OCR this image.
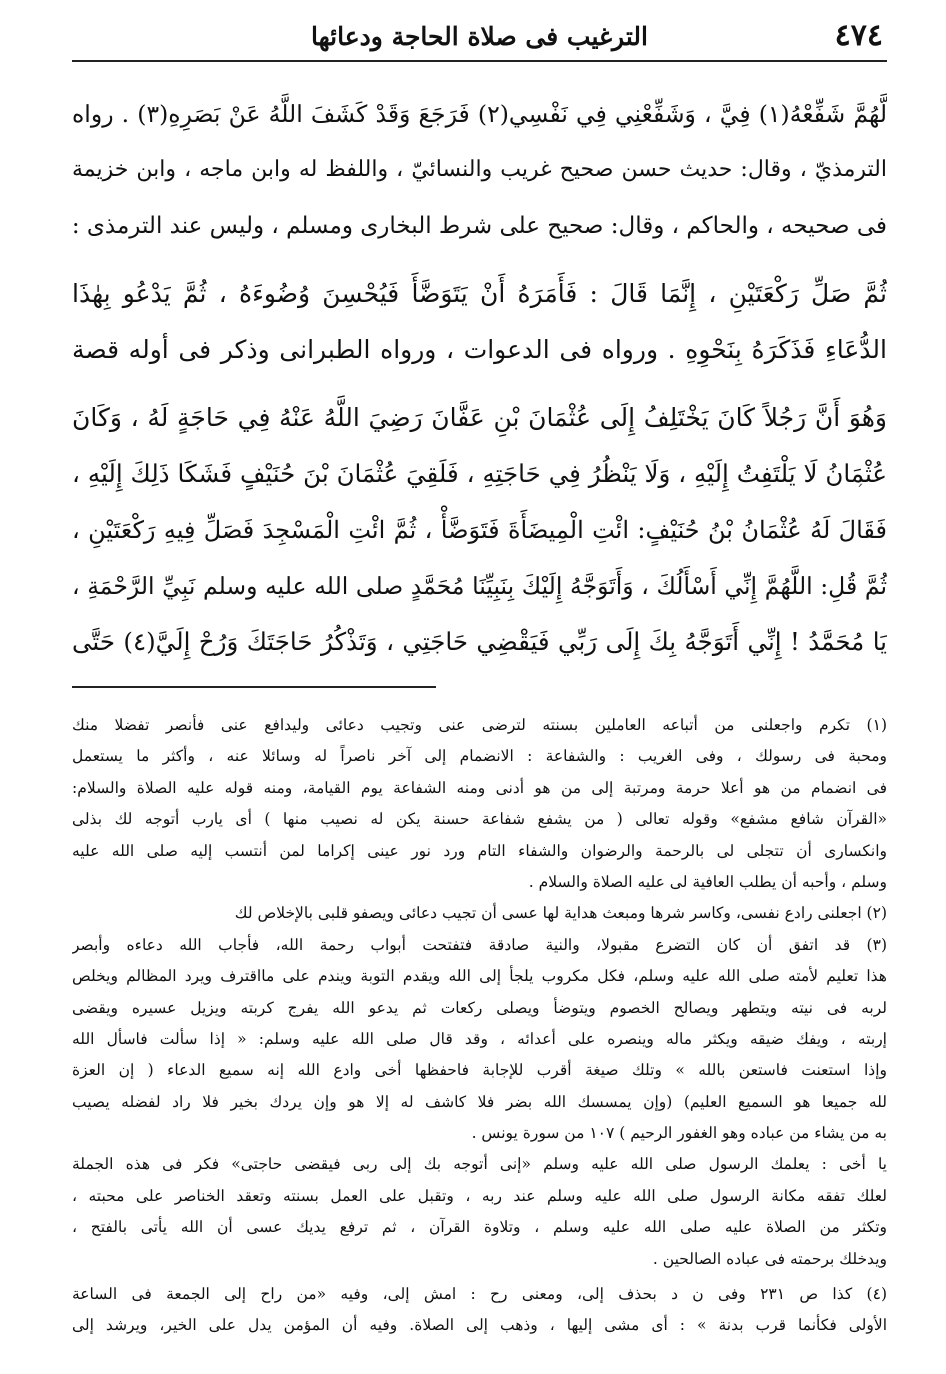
٤٧٤
الترغيب فى صلاة الحاجة ودعائها
لَّهُمَّ شَفِّعْهُ(١) فِيَّ ، وَشَفِّعْنِي فِي نَفْسِي(٢) فَرَجَعَ وَقَدْ كَشَفَ اللَّهُ عَنْ بَصَرِهِ(٣) . رواه
الترمذيّ ، وقال: حديث حسن صحيح غريب والنسائيّ ، واللفظ له وابن ماجه ، وابن خزيمة
فى صحيحه ، والحاكم ، وقال: صحيح على شرط البخارى ومسلم ، وليس عند الترمذى :
ثُمَّ صَلِّ رَكْعَتَيْنِ ، إِنَّمَا قَالَ : فَأَمَرَهُ أَنْ يَتَوَضَّأَ فَيُحْسِنَ وُضُوءَهُ ، ثُمَّ يَدْعُو بِهٰذَا
الدُّعَاءِ فَذَكَرَهُ بِنَحْوِهِ . ورواه فى الدعوات ، ورواه الطبرانى وذكر فى أوله قصة
وَهُوَ أَنَّ رَجُلاً كَانَ يَخْتَلِفُ إِلَى عُثْمَانَ بْنِ عَفَّانَ رَضِيَ اللَّهُ عَنْهُ فِي حَاجَةٍ لَهُ ، وَكَانَ
عُثْمَانُ لَا يَلْتَفِتُ إِلَيْهِ ، وَلَا يَنْظُرُ فِي حَاجَتِهِ ، فَلَقِيَ عُثْمَانَ بْنَ حُنَيْفٍ فَشَكَا ذَلِكَ إِلَيْهِ ،
فَقَالَ لَهُ عُثْمَانُ بْنُ حُنَيْفٍ: ائْتِ الْمِيضَأَةَ فَتَوَضَّأْ ، ثُمَّ ائْتِ الْمَسْجِدَ فَصَلِّ فِيهِ رَكْعَتَيْنِ ،
ثُمَّ قُلِ: اللَّهُمَّ إِنِّي أَسْأَلُكَ ، وَأَتَوَجَّهُ إِلَيْكَ بِنَبِيِّنَا مُحَمَّدٍ صلى الله عليه وسلم نَبِيِّ الرَّحْمَةِ ،
يَا مُحَمَّدُ ! إِنِّي أَتَوَجَّهُ بِكَ إِلَى رَبِّي فَيَقْضِي حَاجَتِي ، وَتَذْكُرُ حَاجَتَكَ وَرُحْ إِلَيَّ(٤) حَتَّى
´
(١) تكرم واجعلنى من أتباعه العاملين بسنته لترضى عنى وتجيب دعائى وليدافع عنى فأنصر تفضلا منك
ومحبة فى رسولك ، وفى الغريب : والشفاعة : الانضمام إلى آخر ناصراً له وسائلا عنه ، وأكثر ما يستعمل
فى انضمام من هو أعلا حرمة ومرتبة إلى من هو أدنى ومنه الشفاعة يوم القيامة، ومنه قوله عليه الصلاة والسلام:
«القرآن شافع مشفع» وقوله تعالى ( من يشفع شفاعة حسنة يكن له نصيب منها ) أى يارب أتوجه لك بذلى
وانكسارى أن تتجلى لى بالرحمة والرضوان والشفاء التام ورد نور عينى إكراما لمن أنتسب إليه صلى الله عليه
وسلم ، وأحبه أن يطلب العافية لى عليه الصلاة والسلام .
(٢) اجعلنى رادع نفسى، وكاسر شرها ومبعث هداية لها عسى أن تجيب دعائى ويصفو قلبى بالإخلاص لك
(٣) قد اتفق أن كان التضرع مقبولا، والنية صادقة فتفتحت أبواب رحمة الله، فأجاب الله دعاءه وأبصر
هذا تعليم لأمته صلى الله عليه وسلم، فكل مكروب يلجأ إلى الله ويقدم التوبة ويندم على مااقترف ويرد المظالم ويخلص
لربه فى نيته ويتطهر ويصالح الخصوم ويتوضأ ويصلى ركعات ثم يدعو الله يفرج كربته ويزيل عسيره ويقضى
إربته ، ويفك ضيقه ويكثر ماله وينصره على أعدائه ، وقد قال صلى الله عليه وسلم: « إذا سألت فاسأل الله
وإذا استعنت فاستعن بالله » وتلك صيغة أقرب للإجابة فاحفظها أخى وادع الله إنه سميع الدعاء ( إن العزة
لله جميعا هو السميع العليم) (وإن يمسسك الله بضر فلا كاشف له إلا هو وإن يردك بخير فلا راد لفضله يصيب
به من يشاء من عباده وهو الغفور الرحيم ) ١٠٧ من سورة يونس .
يا أخى : يعلمك الرسول صلى الله عليه وسلم «إنى أتوجه بك إلى ربى فيقضى حاجتى» فكر فى هذه الجملة
لعلك تفقه مكانة الرسول صلى الله عليه وسلم عند ربه ، وتقبل على العمل بسنته وتعقد الخناصر على محبته ،
وتكثر من الصلاة عليه صلى الله عليه وسلم ، وتلاوة القرآن ، ثم ترفع يديك عسى أن الله يأتى بالفتح ،
ويدخلك برحمته فى عباده الصالحين .
(٤) كذا ص ٢٣١ وفى ن د بحذف إلى، ومعنى رح : امش إلى، وفيه «من راح إلى الجمعة فى الساعة
الأولى فكأنما قرب بدنة » : أى مشى إليها ، وذهب إلى الصلاة. وفيه أن المؤمن يدل على الخير، ويرشد إلى
